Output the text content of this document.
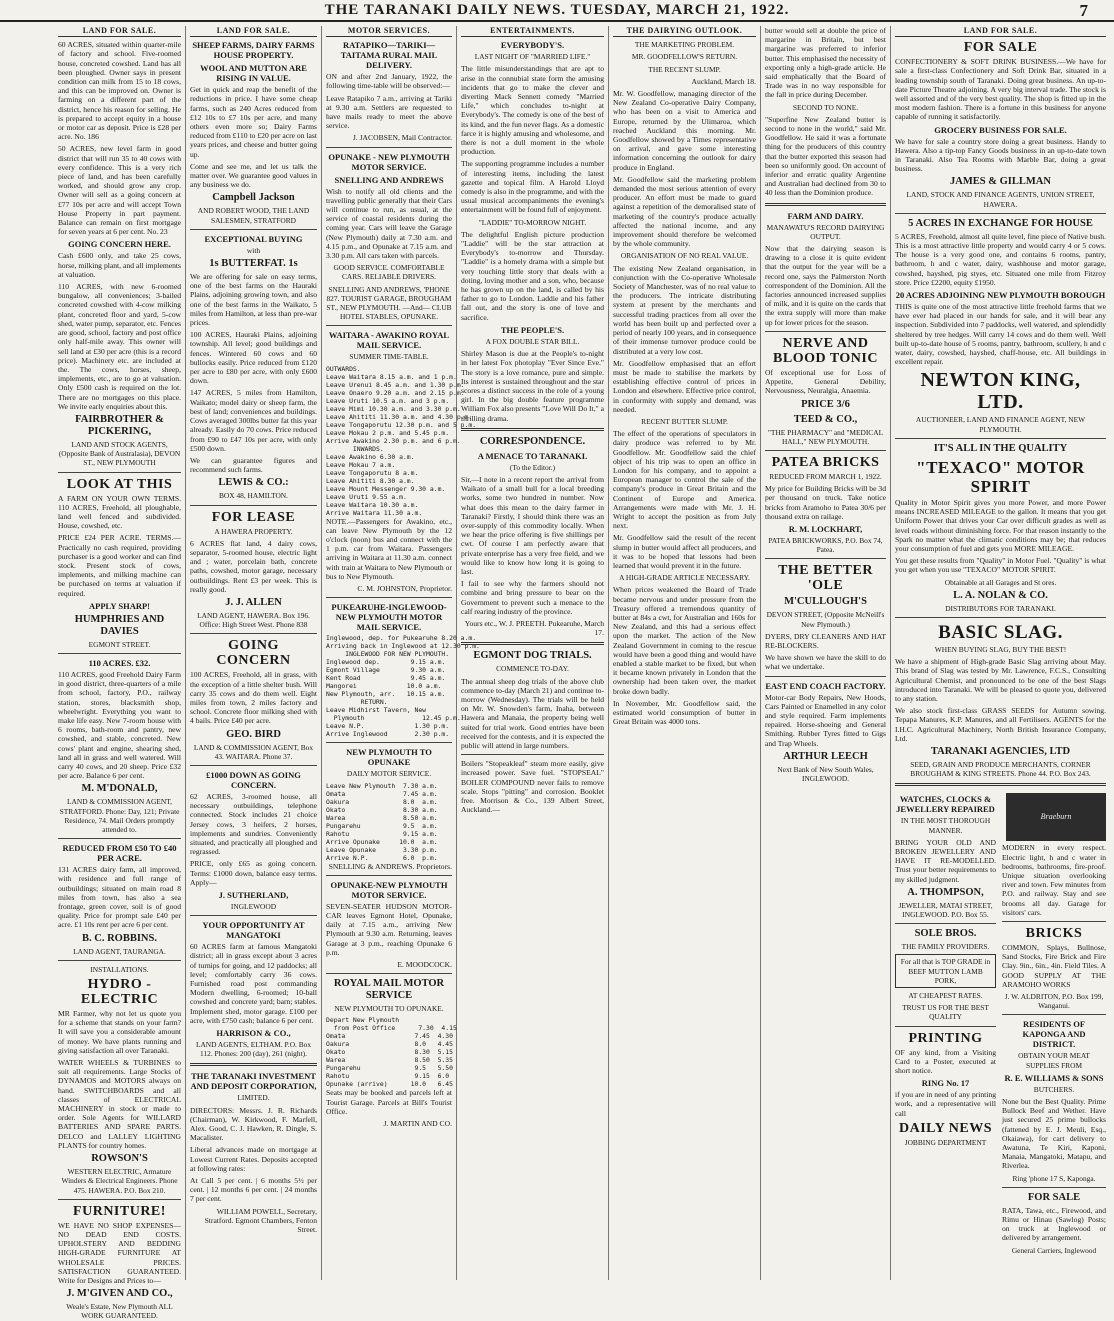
THE TARANAKI DAILY NEWS. TUESDAY, MARCH 21, 1922.	7
LAND FOR SALE.

60 ACRES, situated within quarter-mile of factory and school. Five-roomed house, concreted cowshed. Land has all been ploughed. Owner says in present condition can milk from 15 to 18 cows, and this can be improved on. Owner is farming on a different part of the district, hence his reason for selling. He is prepared to accept equity in a house or motor car as deposit. Price is £28 per acre. No. 186

50 ACRES, new level farm in good district that will run 35 to 40 cows with every confidence. This is a very rich piece of land, and has been carefully worked, and should grow any crop. Owner will sell as a going concern at £77 10s per acre and will accept Town House Property in part payment. Balance can remain on first mortgage for seven years at 6 per cent. No. 23

GOING CONCERN HERE.

Cash £600 only, and take 25 cows, horse, milking plant, and all implements at valuation.

110 ACRES, with new 6-roomed bungalow, all conveniences; 3-bailed concreted cowshed with 4-cow milking plant, concreted floor and yard, 5-cow shed, water pump, separator, etc. Fences are good, school, factory and post office only half-mile away. This owner will sell land at £30 per acre (this is a record price). Machinery etc. are included at the. The cows, horses, sheep, implements, etc., are to go at valuation. Only £500 cash is required on the lot. There are no mortgages on this place. We invite early enquiries about this.

FAIRBROTHER & PICKERING,
LAND AND STOCK AGENTS, (Opposite Bank of Australasia), DEVON ST., NEW PLYMOUTH
LOOK AT THIS

A FARM ON YOUR OWN TERMS. 110 ACRES, Freehold, all ploughable, land well fenced and subdivided. House, cowshed, etc.

PRICE £24 PER ACRE. TERMS.—Practically no cash required, providing purchaser is a good worker and can find stock. Present stock of cows, implements, and milking machine can be purchased on terms at valuation if required.

APPLY SHARP!
HUMPHRIES AND DAVIES
EGMONT STREET.
110 ACRES. £32.

110 ACRES, good Freehold Dairy Farm in good district, three-quarters of a mile from school, factory, P.O., railway station, stores, blacksmith shop, wheelwright. Everything you want to make life easy. New 7-room house with 6 rooms, bath-room and pantry, new cowshed, and stable, concreted. New cows' plant and engine, shearing shed, land all in grass and well watered. Will carry 40 cows, and 20 sheep. Price £32 per acre. Balance 6 per cent.

M. M'DONALD,
LAND & COMMISSION AGENT, STRATFORD. Phone: Day, 121; Private Residence, 74. Mail Orders promptly attended to.
REDUCED FROM £50 TO £40 PER ACRE.

131 ACRES dairy farm, all improved, with residence and full range of outbuildings; situated on main road 8 miles from town, has also a sea frontage, green cover, soil is of good quality. Price for prompt sale £40 per acre. £1 10s rent per acre 6 per cent.

B. C. ROBBINS.
LAND AGENT, TAURANGA.
INSTALLATIONS.
HYDRO - ELECTRIC

MR Farmer, why not let us quote you for a scheme that stands on your farm? It will save you a considerable amount of money. We have plants running and giving satisfaction all over Taranaki.

WATER WHEELS & TURBINES to suit all requirements. Large Stocks of DYNAMOS and MOTORS always on hand. SWITCHBOARDS and all classes of ELECTRICAL MACHINERY in stock or made to order. Sole Agents for WILLARD BATTERIES AND SPARE PARTS. DELCO and LALLEY LIGHTING PLANTS for country homes.

ROWSON'S
WESTERN ELECTRIC, Armature Winders & Electrical Engineers. Phone 475. HAWERA. P.O. Box 210.
FURNITURE!

WE HAVE NO SHOP EXPENSES—NO DEAD END COSTS. UPHOLSTERY AND BEDDING HIGH-GRADE FURNITURE AT WHOLESALE PRICES. SATISFACTION GUARANTEED. Write for Designs and Prices to—

J. M'GIVEN AND CO.,
Weale's Estate, New Plymouth ALL WORK GUARANTEED.
LAND FOR SALE.
SHEEP FARMS, DAIRY FARMS HOUSE PROPERTY.
WOOL AND MUTTON ARE RISING IN VALUE.

Get in quick and reap the benefit of the reductions in price. I have some cheap farms, such as 240 Acres reduced from £12 10s to £7 10s per acre, and many others even more so; Dairy Farms reduced from £110 to £20 per acre on last years prices, and cheese and butter going up.

Come and see me, and let us talk the matter over. We guarantee good values in any business we do.

Campbell Jackson
AND ROBERT WOOD, THE LAND SALESMEN, STRATFORD
EXCEPTIONAL BUYING
with
1s BUTTERFAT. 1s

We are offering for sale on easy terms, one of the best farms on the Hauraki Plains, adjoining growing town, and also one of the best farms in the Waikato, 5 miles from Hamilton, at less than pre-war prices.

100 ACRES, Hauraki Plains, adjoining township. All level; good buildings and fences. Wintered 60 cows and 60 bullocks easily. Price reduced from £120 per acre to £80 per acre, with only £600 down.

147 ACRES, 5 miles from Hamilton, Waikato; model dairy or sheep farm, the best of land; conveniences and buildings. Cows averaged 300lbs butter fat this year already. Easily do 70 cows. Price reduced from £90 to £47 10s per acre, with only £500 down.

We can guarantee figures and recommend such farms.

LEWIS & CO.:
BOX 48, HAMILTON.
FOR LEASE
A HAWERA PROPERTY.

6 ACRES flat land, 4 dairy cows, separator, 5-roomed house, electric light and ; water, porcelain bath, concrete paths, cowshed, motor garage, necessary outbuildings. Rent £3 per week. This is really good.

J. J. ALLEN
LAND AGENT, HAWERA. Box 196. Office: High Street West. Phone 838
GOING CONCERN

100 ACRES, Freehold, all in grass, with the exception of a little shelter bush. Will carry 35 cows and do them well. Eight miles from town, 2 miles factory and school. Concrete floor milking shed with 4 bails. Price £40 per acre.

GEO. BIRD
LAND & COMMISSION AGENT, Box 43. WAITARA. Phone 37.
£1000 DOWN AS GOING CONCERN.

62 ACRES, 3-roomed house, all necessary outbuildings, telephone connected. Stock includes 21 choice Jersey cows, 3 heifers, 2 horses, implements and sundries. Conveniently situated, and practically all ploughed and regrassed.

PRICE, only £65 as going concern. Terms: £1000 down, balance easy terms. Apply—

J. SUTHERLAND,
INGLEWOOD
YOUR OPPORTUNITY AT MANGATOKI

60 ACRES farm at famous Mangatoki district; all in grass except about 3 acres of turnips for going, and 12 paddocks; all level; comfortably carry 36 cows. Furnished road post commanding Modern dwelling, 6-roomed; 10-ball cowshed and concrete yard; barn; stables. Implement shed, motor garage. £100 per acre, with £750 cash; balance 6 per cent.

HARRISON & CO.,
LAND AGENTS, ELTHAM. P.O. Box 112. Phones: 200 (day), 261 (night).
THE TARANAKI INVESTMENT AND DEPOSIT CORPORATION,
LIMITED.

DIRECTORS: Messrs. J. R. Richards (Chairman), W. Kirkwood, F. Marfell, Alex. Good, C. J. Hawken, R. Dingle, S. Macalister.

Liberal advances made on mortgage at Lowest Current Rates. Deposits accepted at following rates:

At Call 5 per cent. | 6 months 5½ per cent. | 12 months 6 per cent. | 24 months 7 per cent.

WILLIAM POWELL, Secretary, Stratford. Egmont Chambers, Fenton Street.

MOTOR SERVICES.
RATAPIKO—TARIKI—TAITAMA RURAL MAIL DELIVERY.

ON and after 2nd January, 1922, the following time-table will be observed:—

Leave Ratapiko 7 a.m., arriving at Tariki at 9.30 a.m. Settlers are requested to have mails ready to meet the above service.

J. JACOBSEN, Mail Contractor.

OPUNAKE - NEW PLYMOUTH MOTOR SERVICE.
SNELLING AND ANDREWS

Wish to notify all old clients and the travelling public generally that their Cars will continue to run, as usual, at the service of coastal residents during the coming year. Cars will leave the Garage (New Plymouth) daily at 7.30 a.m. and 4.15 p.m., and Opunake at 7.15 a.m. and 3.30 p.m. All cars taken with parcels.

GOOD SERVICE. COMFORTABLE CARS. RELIABLE DRIVERS.
SNELLING AND ANDREWS, 'PHONE 827. TOURIST GARAGE, BROUGHAM ST., NEW PLYMOUTH. —And— CLUB HOTEL STABLES, OPUNAKE.
WAITARA - AWAKINO ROYAL MAIL SERVICE.
SUMMER TIME-TABLE.
OUTWARDS.
Leave Waitara 8.15 a.m. and 1 p.m.
Leave Urenui 8.45 a.m. and 1.30 p.m.
Leave Onaero 9.20 a.m. and 2.15 p.m.
Leave Uruti 10.5 a.m. and 3 p.m.
Leave Mimi 10.30 a.m. and 3.30 p.m.
Leave Ahititi 11.30 a.m. and 4.30 p.m.
Leave Tongaporutu 12.30 p.m. and 5 p.m.
Leave Mokau 2 p.m. and 5.45 p.m.
Arrive Awakino 2.30 p.m. and 6 p.m.
INWARDS.
Leave Awakino 6.30 a.m.
Leave Mokau 7 a.m.
Leave Tongaporutu 8 a.m.
Leave Ahititi 8.30 a.m.
Leave Mount Messenger 9.30 a.m.
Leave Uruti 9.55 a.m.
Leave Waitara 10.30 a.m.
Arrive Waitara 11.30 a.m.

NOTE.—Passengers for Awakino, etc., can leave New Plymouth by the 12 o'clock (noon) bus and connect with the 1 p.m. car from Waitara. Passengers arriving in Waitara at 11.30 a.m. connect with train at Waitara to New Plymouth or bus to New Plymouth.

C. M. JOHNSTON, Proprietor.

PUKEARUHE-INGLEWOOD-NEW PLYMOUTH MOTOR MAIL SERVICE.
Inglewood, dep. for Pukearuhe 8.20 a.m.
Arriving back in Inglewood at 12.30 p.m.
INGLEWOOD FOR NEW PLYMOUTH.
Inglewood dep.        9.15 a.m.
Egmont Village        9.30 a.m.
Kent Road             9.45 a.m.
Mangorei             10.0 a.m.
New Plymouth, arr.   10.15 a.m.
RETURN.
Leave Midhirst Tavern, New
Plymouth               12.45 p.m.
Leave N.P.             1.30 p.m.
Arrive Inglewood       2.30 p.m.
NEW PLYMOUTH TO OPUNAKE
DAILY MOTOR SERVICE.
Leave New Plymouth  7.30 a.m.
Omata               7.45 a.m.
Oakura              8.0  a.m.
Okato               8.30 a.m.
Warea               8.50 a.m.
Pungarehu           9.5  a.m.
Rahotu              9.15 a.m.
Arrive Opunake     10.0  a.m.
Leave Opunake       3.30 p.m.
Arrive N.P.         6.0  p.m.

SNELLING & ANDREWS. Proprietors.

OPUNAKE-NEW PLYMOUTH MOTOR SERVICE.

SEVEN-SEATER HUDSON MOTOR-CAR leaves Egmont Hotel, Opunake, daily at 7.15 a.m., arriving New Plymouth at 9.30 a.m. Returning, leaves Garage at 3 p.m., reaching Opunake 6 p.m.

E. MOODCOCK.

ROYAL MAIL MOTOR SERVICE
NEW PLYMOUTH TO OPUNAKE.
Depart New Plymouth
from Post Office      7.30  4.15
Omata                  7.45  4.30
Oakura                 8.0   4.45
Okato                  8.30  5.15
Warea                  8.50  5.35
Pungarehu              9.5   5.50
Rahotu                 9.15  6.0
Opunake (arrive)      10.0   6.45

Seats may be booked and parcels left at Tourist Garage. Parcels at Bill's Tourist Office.

J. MARTIN AND CO.

ENTERTAINMENTS.
EVERYBODY'S.
LAST NIGHT OF "MARRIED LIFE."

The little misunderstandings that are apt to arise in the connubial state form the amusing incidents that go to make the clever and diverting Mack Sennett comedy "Married Life," which concludes to-night at Everybody's. The comedy is one of the best of its kind, and the fun never flags. As a domestic farce it is highly amusing and wholesome, and there is not a dull moment in the whole production.

The supporting programme includes a number of interesting items, including the latest gazette and topical film. A Harold Lloyd comedy is also in the programme, and with the usual musical accompaniments the evening's entertainment will be found full of enjoyment.

"LADDIE" TO-MORROW NIGHT.

The delightful English picture production "Laddie" will be the star attraction at Everybody's to-morrow and Thursday. "Laddie" is a homely drama with a simple but very touching little story that deals with a doting, loving mother and a son, who, because he has grown up on the land, is called by his father to go to London. Laddie and his father fall out, and the story is one of love and sacrifice.

THE PEOPLE'S.
A FOX DOUBLE STAR BILL.

Shirley Mason is due at the People's to-night in her latest Fox photoplay "Ever Since Eve." The story is a love romance, pure and simple. Its interest is sustained throughout and the star scores a distinct success in the role of a young girl. In the big double feature programme William Fox also presents "Love Will Do It," a thrilling drama.

CORRESPONDENCE.
A MENACE TO TARANAKI.
(To the Editor.)

Sir,—I note in a recent report the arrival from Waikato of a small bull for a local breeding works, some two hundred in number. Now what does this mean to the dairy farmer in Taranaki? Firstly, I should think there was an over-supply of this commodity locally. When we hear the price offering is five shillings per cwt. Of course I am perfectly aware that private enterprise has a very free field, and we would like to know how long it is going to last.

I fail to see why the farmers should not combine and bring pressure to bear on the Government to prevent such a menace to the calf rearing industry of the province.

Yours etc., W. J. PREETH. Pukearuhe, March 17.

EGMONT DOG TRIALS.
COMMENCE TO-DAY.

The annual sheep dog trials of the above club commence to-day (March 21) and continue to-morrow (Wednesday). The trials will be held on Mr. W. Snowden's farm, Inaha, between Hawera and Manaia, the property being well suited for trial work. Good entries have been received for the contests, and it is expected the public will attend in large numbers.

Boilers "Stopeakleaf" steam more easily, give increased power. Save fuel. "STOPSEAL" BOILER COMPOUND never fails to remove scale. Stops "pitting" and corrosion. Booklet free. Morrison & Co., 139 Albert Street, Auckland.—

THE DAIRYING OUTLOOK.
THE MARKETING PROBLEM.
MR. GOODFELLOW'S RETURN.
THE RECENT SLUMP.

Auckland, March 18.

Mr. W. Goodfellow, managing director of the New Zealand Co-operative Dairy Company, who has been on a visit to America and Europe, returned by the Ulimaroa, which reached Auckland this morning. Mr. Goodfellow showed by a Times representative on arrival, and gave some interesting information concerning the outlook for dairy produce in England.

Mr. Goodfellow said the marketing problem demanded the most serious attention of every producer. An effort must be made to guard against a repetition of the demoralised state of marketing of the country's produce actually affected the national income, and any improvement should therefore be welcomed by the whole community.

ORGANISATION OF NO REAL VALUE.

The existing New Zealand organisation, in conjunction with the Co-operative Wholesale Society of Manchester, was of no real value to the producers. The intricate distributing system at present by the merchants and successful trading practices from all over the world has been built up and perfected over a period of nearly 100 years, and in consequence of their immense turnover produce could be distributed at a very low cost.

Mr. Goodfellow emphasised that an effort must be made to stabilise the markets by establishing effective control of prices in London and elsewhere. Effective price control, in conformity with supply and demand, was needed.

RECENT BUTTER SLUMP.

The effect of the operations of speculators in dairy produce was referred to by Mr. Goodfellow. Mr. Goodfellow said the chief object of his trip was to open an office in London for his company, and to appoint a European manager to control the sale of the company's produce in Great Britain and the Continent of Europe and America. Arrangements were made with Mr. J. H. Wright to accept the position as from July next.

Mr. Goodfellow said the result of the recent slump in butter would affect all producers, and it was to be hoped that lessons had been learned that would prevent it in the future.

A HIGH-GRADE ARTICLE NECESSARY.

When prices weakened the Board of Trade became nervous and under pressure from the Treasury offered a tremendous quantity of butter at 84s a cwt, for Australian and 160s for New Zealand, and this had a serious effect upon the market. The action of the New Zealand Government in coming to the rescue would have been a good thing and would have enabled a stable market to be fixed, but when it became known privately in London that the ownership had been taken over, the market broke down badly.

In November, Mr. Goodfellow said, the estimated world consumption of butter in Great Britain was 4000 tons.

butter would sell at double the price of margarine in Britain, but best margarine was preferred to inferior butter. This emphasised the necessity of exporting only a high-grade article. He said emphatically that the Board of Trade was in no way responsible for the fall in price during December.

SECOND TO NONE.

"Superfine New Zealand butter is second to none in the world," said Mr. Goodfellow. He said it was a fortunate thing for the producers of this country that the butter exported this season had been so uniformly good. On account of inferior and erratic quality Argentine and Australian had declined from 30 to 40 less than the Dominion produce.

FARM AND DAIRY.
MANAWATU'S RECORD DAIRYING OUTPUT.

Now that the dairying season is drawing to a close it is quite evident that the output for the year will be a record one, says the Palmerston North correspondent of the Dominion. All the factories announced increased supplies of milk, and it is quite on the cards that the extra supply will more than make up for lower prices for the season.

NERVE AND BLOOD TONIC

Of exceptional use for Loss of Appetite, General Debility, Nervousness, Neuralgia, Anaemia.

PRICE 3/6
TEED & CO.,
"THE PHARMACY" and "MEDICAL HALL," NEW PLYMOUTH.
PATEA BRICKS
REDUCED FROM MARCH 1, 1922.

My price for Building Bricks will be 3d per thousand on truck. Take notice bricks from Aramoho to Patea 30/6 per thousand extra on railage.

R. M. LOCKHART,
PATEA BRICKWORKS, P.O. Box 74, Patea.
THE BETTER 'OLE
M'CULLOUGH'S
DEVON STREET, (Opposite McNeill's New Plymouth.)

DYERS, DRY CLEANERS AND HAT RE-BLOCKERS.

We have shown we have the skill to do what we undertake.

EAST END COACH FACTORY.

Motor-car Body Repairs, New Hoods, Cars Painted or Enamelled in any color and style required. Farm implements repaired. Horse-shoeing and General Smithing. Rubber Tyres fitted to Gigs and Trap Wheels.

ARTHUR LEECH
Next Bank of New South Wales, INGLEWOOD.
LAND FOR SALE.
FOR SALE

CONFECTIONERY & SOFT DRINK BUSINESS.—We have for sale a first-class Confectionery and Soft Drink Bar, situated in a leading township south of Taranaki. Doing great business. An up-to-date Picture Theatre adjoining. A very big interval trade. The stock is well assorted and of the very best quality. The shop is fitted up in the most modern fashion. There is a fortune in this business for anyone capable of running it satisfactorily.

GROCERY BUSINESS FOR SALE.

We have for sale a country store doing a great business. Handy to Hawera. Also a tip-top Fancy Goods business in an up-to-date town in Taranaki. Also Tea Rooms with Marble Bar, doing a great business.

JAMES & GILLMAN
LAND, STOCK AND FINANCE AGENTS, UNION STREET, HAWERA.
5 ACRES IN EXCHANGE FOR HOUSE

5 ACRES, Freehold, almost all quite level, fine piece of Native bush. This is a most attractive little property and would carry 4 or 5 cows. The house is a very good one, and contains 6 rooms, pantry, bathroom, h and c water, dairy, washhouse and motor garage, cowshed, hayshed, pig styes, etc. Situated one mile from Fitzroy store. Price £2200, equity £1950.

20 ACRES ADJOINING NEW PLYMOUTH BOROUGH

THIS is quite one of the most attractive little freehold farms that we have ever had placed in our hands for sale, and it will bear any inspection. Subdivided into 7 paddocks, well watered, and splendidly sheltered by tree hedges. Will carry 14 cows and do them well. Well built up-to-date house of 5 rooms, pantry, bathroom, scullery, h and c water, dairy, cowshed, hayshed, chaff-house, etc. All buildings in excellent repair.

NEWTON KING, LTD.
AUCTIONEER, LAND AND FINANCE AGENT, NEW PLYMOUTH.
IT'S ALL IN THE QUALITY
"TEXACO" MOTOR SPIRIT

Quality in Motor Spirit gives you more Power, and more Power means INCREASED MILEAGE to the gallon. It means that you get Uniform Power that drives your Car over difficult grades as well as level roads without diminishing force. For that reason instantly to the Spark no matter what the climatic conditions may be; that reduces your consumption of fuel and gets you MORE MILEAGE.

You get these results from "Quality" in Motor Fuel. "Quality" is what you get when you use "TEXACO" MOTOR SPIRIT.

Obtainable at all Garages and St ores.
L. A. NOLAN & CO.
DISTRIBUTORS FOR TARANAKI.
BASIC SLAG.
WHEN BUYING SLAG, BUY THE BEST!

We have a shipment of High-grade Basic Slag arriving about May. This brand of Slag was tested by Mr. Lawrence, F.C.S., Consulting Agricultural Chemist, and pronounced to be one of the best Slags introduced into Taranaki. We will be pleased to quote you, delivered to any station.

We also stock first-class GRASS SEEDS for Autumn sowing. Tepapa Manures, K.P. Manures, and all Fertilisers. AGENTS for the I.H.C. Agricultural Machinery, North British Insurance Company, Ltd.

TARANAKI AGENCIES, LTD
SEED, GRAIN AND PRODUCE MERCHANTS, CORNER BROUGHAM & KING STREETS. Phone 44. P.O. Box 243.
WATCHES, CLOCKS & JEWELLERY REPAIRED
IN THE MOST THOROUGH MANNER.

BRING YOUR OLD AND BROKEN JEWELLERY AND HAVE IT RE-MODELLED. Trust your better requirements to my skilled judgment.

A. THOMPSON,
JEWELLER, MATAI STREET, INGLEWOOD. P.O. Box 55.
SOLE BROS.
THE FAMILY PROVIDERS.
For all that is TOP GRADE in BEEF MUTTON LAMB PORK,
AT CHEAPEST RATES.
TRUST US FOR THE BEST QUALITY
PRINTING

OF any kind, from a Visiting Card to a Poster, executed at short notice.

RING No. 17

if you are in need of any printing work, and a representative will call

DAILY NEWS
JOBBING DEPARTMENT
Braeburn

MODERN in every respect. Electric light, h and c water in bedrooms, bathrooms, fire-proof. Unique situation overlooking river and town. Few minutes from P.O. and railway. Stay and see brooms all day. Garage for visitors' cars.

BRICKS

COMMON, Splays, Bullnose, Sand Stocks, Fire Brick and Fire Clay. 9in., 6in., 4in. Field Tiles. A GOOD SUPPLY AT THE ARAMOHO WORKS

J. W. ALDRITON, P.O. Box 199, Wanganui.
RESIDENTS OF KAPONGA AND DISTRICT.
OBTAIN YOUR MEAT SUPPLIES FROM
R. E. WILLIAMS & SONS
BUTCHERS.

None but the Best Quality. Prime Bullock Beef and Wether. Have just secured 25 prime bullocks (fattened by E. J. Meuli, Esq., Okaiawa), for cart delivery to Awatuna, Te Kiri, Kaponi, Manaia, Mangatoki, Matapu, and Riverlea.

Ring 'phone 17 S, Kaponga.
FOR SALE

RATA, Tawa, etc., Firewood, and Rimu or Hinau (Sawlog) Posts; on truck at Inglewood or delivered by arrangement.

General Carriers, Inglewood
